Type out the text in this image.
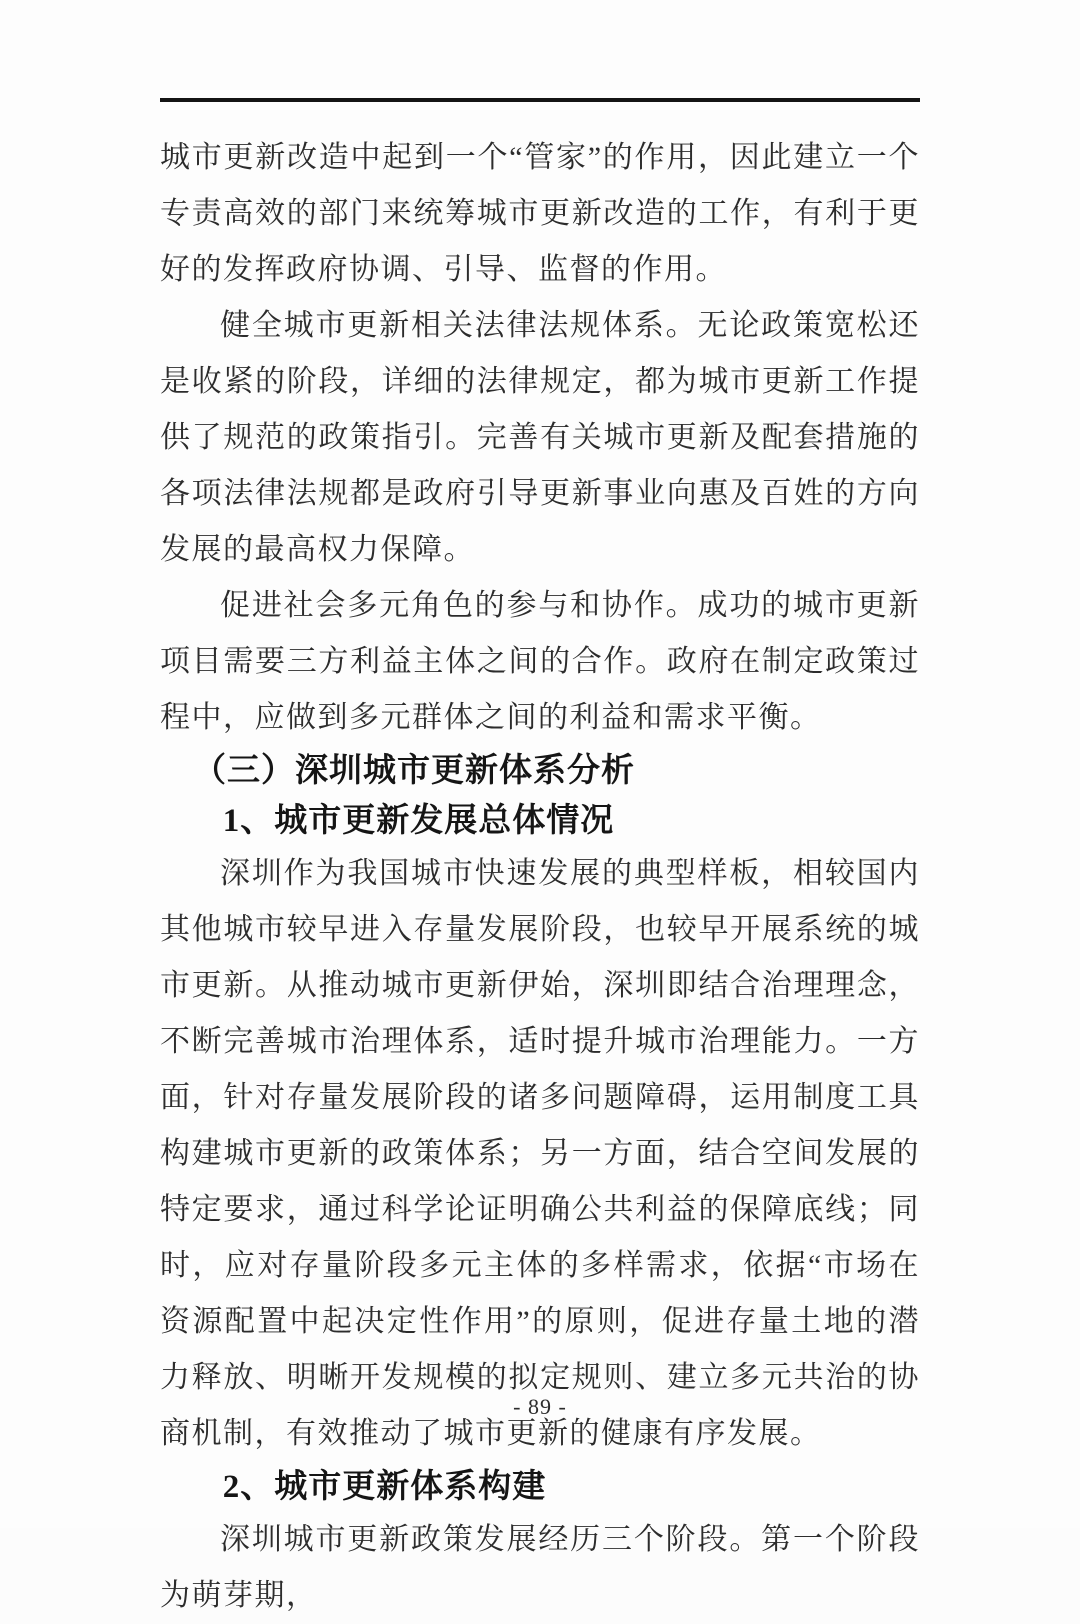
城市更新改造中起到一个“管家”的作用，因此建立一个专责高效的部门来统筹城市更新改造的工作，有利于更好的发挥政府协调、引导、监督的作用。

健全城市更新相关法律法规体系。无论政策宽松还是收紧的阶段，详细的法律规定，都为城市更新工作提供了规范的政策指引。完善有关城市更新及配套措施的各项法律法规都是政府引导更新事业向惠及百姓的方向发展的最高权力保障。

促进社会多元角色的参与和协作。成功的城市更新项目需要三方利益主体之间的合作。政府在制定政策过程中，应做到多元群体之间的利益和需求平衡。

（三）深圳城市更新体系分析
1、城市更新发展总体情况

深圳作为我国城市快速发展的典型样板，相较国内其他城市较早进入存量发展阶段，也较早开展系统的城市更新。从推动城市更新伊始，深圳即结合治理理念，不断完善城市治理体系，适时提升城市治理能力。一方面，针对存量发展阶段的诸多问题障碍，运用制度工具构建城市更新的政策体系；另一方面，结合空间发展的特定要求，通过科学论证明确公共利益的保障底线；同时，应对存量阶段多元主体的多样需求，依据“市场在资源配置中起决定性作用”的原则，促进存量土地的潜力释放、明晰开发规模的拟定规则、建立多元共治的协商机制，有效推动了城市更新的健康有序发展。

2、城市更新体系构建

深圳城市更新政策发展经历三个阶段。第一个阶段为萌芽期，

- 89 -
